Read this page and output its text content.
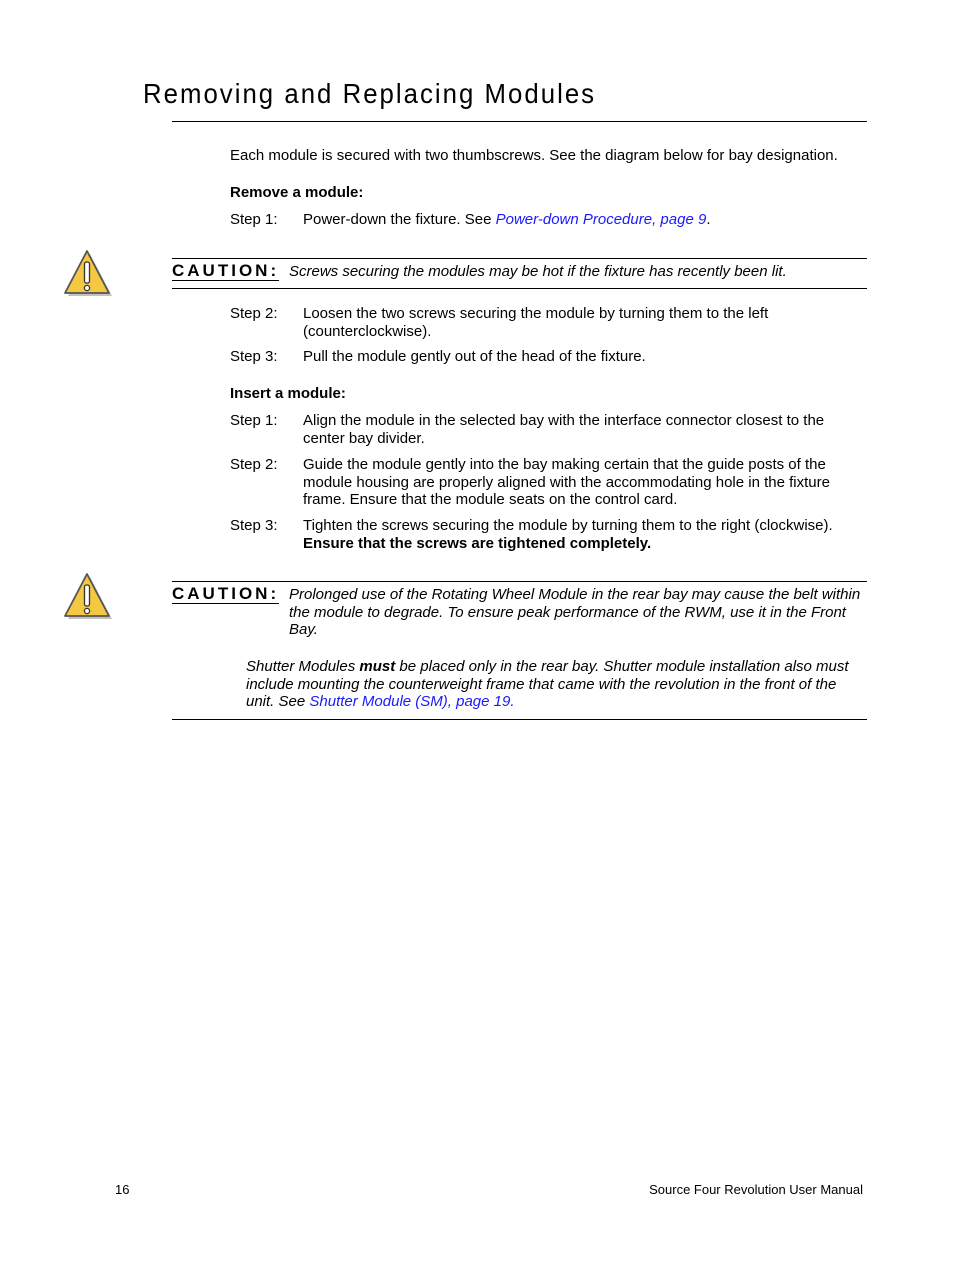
Removing and Replacing Modules
Each module is secured with two thumbscrews. See the diagram below for bay designation.
Remove a module:
Step 1: Power-down the fixture. See Power-down Procedure, page 9.
CAUTION: Screws securing the modules may be hot if the fixture has recently been lit.
Step 2: Loosen the two screws securing the module by turning them to the left (counterclockwise).
Step 3: Pull the module gently out of the head of the fixture.
Insert a module:
Step 1: Align the module in the selected bay with the interface connector closest to the center bay divider.
Step 2: Guide the module gently into the bay making certain that the guide posts of the module housing are properly aligned with the accommodating hole in the fixture frame. Ensure that the module seats on the control card.
Step 3: Tighten the screws securing the module by turning them to the right (clockwise).
Ensure that the screws are tightened completely.
CAUTION: Prolonged use of the Rotating Wheel Module in the rear bay may cause the belt within the module to degrade. To ensure peak performance of the RWM, use it in the Front Bay.
Shutter Modules must be placed only in the rear bay. Shutter module installation also must include mounting the counterweight frame that came with the revolution in the front of the unit. See Shutter Module (SM), page 19.
16	Source Four Revolution User Manual
